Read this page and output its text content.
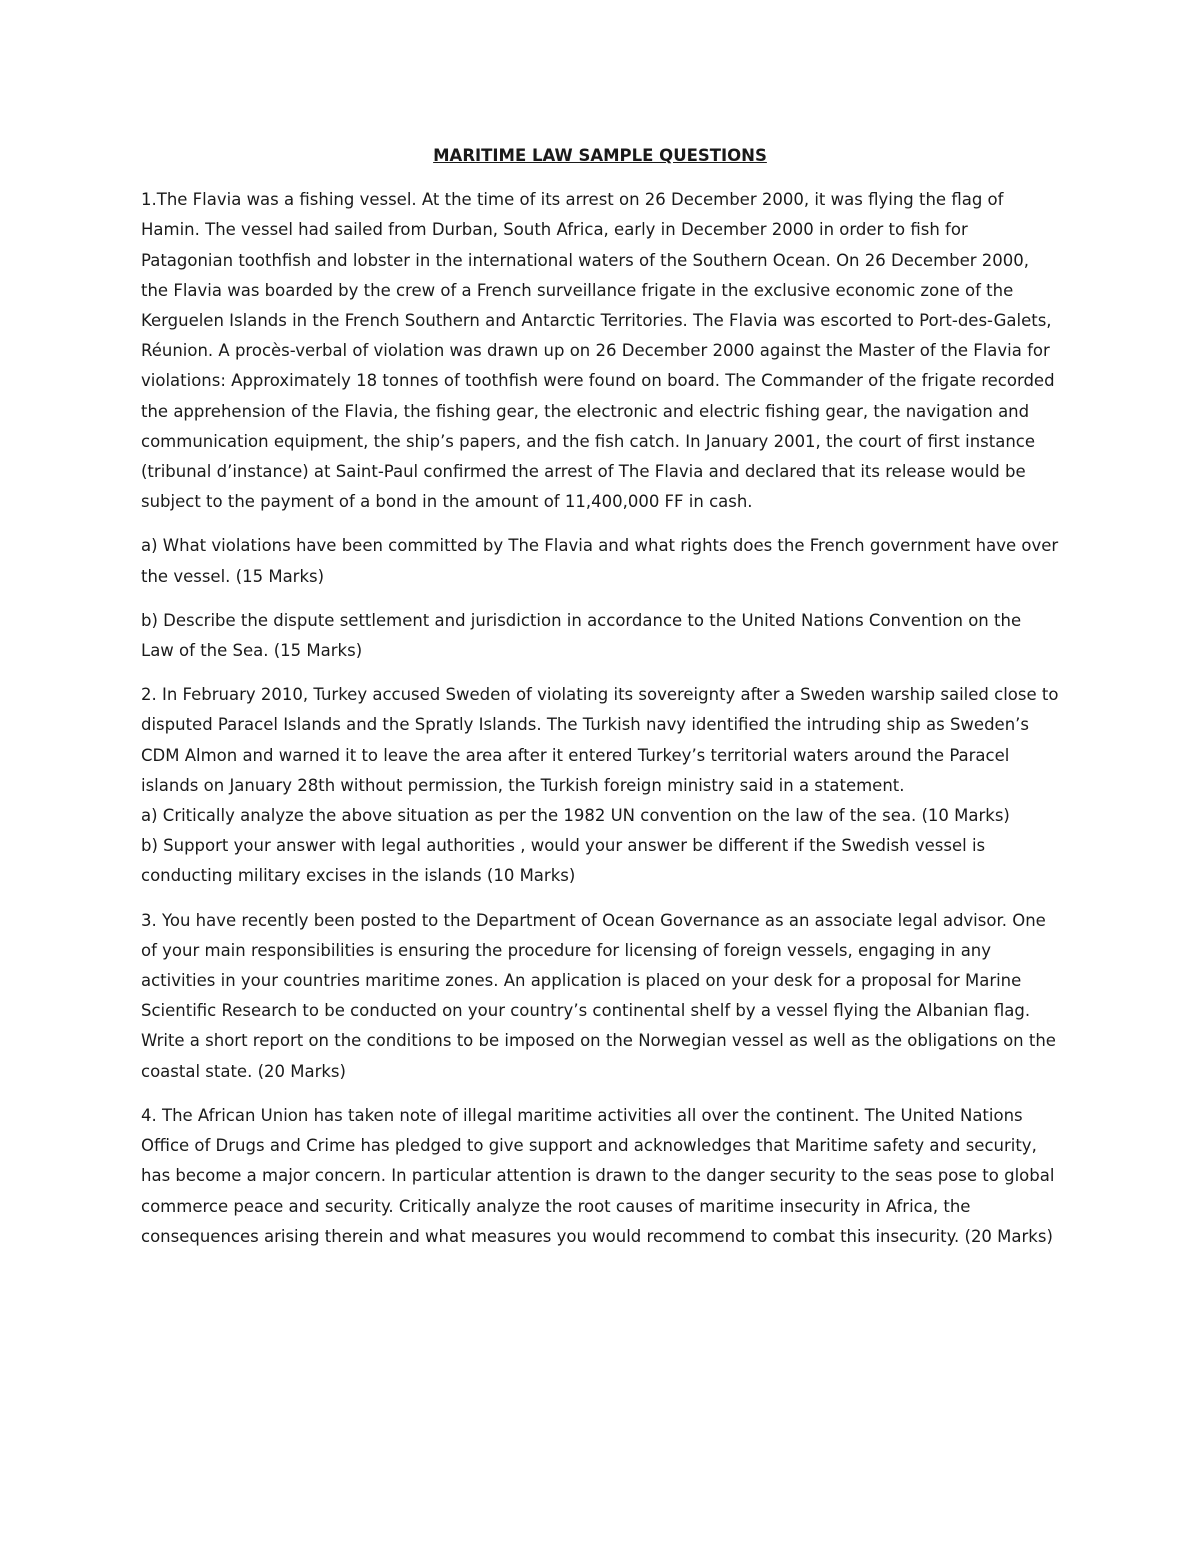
MARITIME LAW SAMPLE QUESTIONS
1.The Flavia was a fishing vessel. At the time of its arrest on 26 December 2000, it was flying the flag of Hamin. The vessel had sailed from Durban, South Africa, early in December 2000 in order to fish for Patagonian toothfish and lobster in the international waters of the Southern Ocean. On 26 December 2000, the Flavia was boarded by the crew of a French surveillance frigate in the exclusive economic zone of the Kerguelen Islands in the French Southern and Antarctic Territories. The Flavia was escorted to Port-des-Galets, Réunion. A procès-verbal of violation was drawn up on 26 December 2000 against the Master of the Flavia for violations: Approximately 18 tonnes of toothfish were found on board. The Commander of the frigate recorded the apprehension of the Flavia, the fishing gear, the electronic and electric fishing gear, the navigation and communication equipment, the ship’s papers, and the fish catch. In January 2001, the court of first instance (tribunal d’instance) at Saint-Paul confirmed the arrest of The Flavia and declared that its release would be subject to the payment of a bond in the amount of 11,400,000 FF in cash.
a) What violations have been committed by The Flavia and what rights does the French government have over the vessel. (15 Marks)
b) Describe the dispute settlement and jurisdiction in accordance to the United Nations Convention on the Law of the Sea. (15 Marks)
2. In February 2010, Turkey accused Sweden of violating its sovereignty after a Sweden warship sailed close to disputed Paracel Islands and the Spratly Islands. The Turkish navy identified the intruding ship as Sweden’s CDM Almon and warned it to leave the area after it entered Turkey’s territorial waters around the Paracel islands on January 28th without permission, the Turkish foreign ministry said in a statement.
a) Critically analyze the above situation as per the 1982 UN convention on the law of the sea. (10 Marks)
b) Support your answer with legal authorities , would your answer be different if the Swedish vessel is conducting military excises in the islands (10 Marks)
3. You have recently been posted to the Department of Ocean Governance as an associate legal advisor. One of your main responsibilities is ensuring the procedure for licensing of foreign vessels, engaging in any activities in your countries maritime zones. An application is placed on your desk for a proposal for Marine Scientific Research to be conducted on your country’s continental shelf by a vessel flying the Albanian flag. Write a short report on the conditions to be imposed on the Norwegian vessel as well as the obligations on the coastal state. (20 Marks)
4. The African Union has taken note of illegal maritime activities all over the continent. The United Nations Office of Drugs and Crime has pledged to give support and acknowledges that Maritime safety and security, has become a major concern. In particular attention is drawn to the danger security to the seas pose to global commerce peace and security. Critically analyze the root causes of maritime insecurity in Africa, the consequences arising therein and what measures you would recommend to combat this insecurity. (20 Marks)
